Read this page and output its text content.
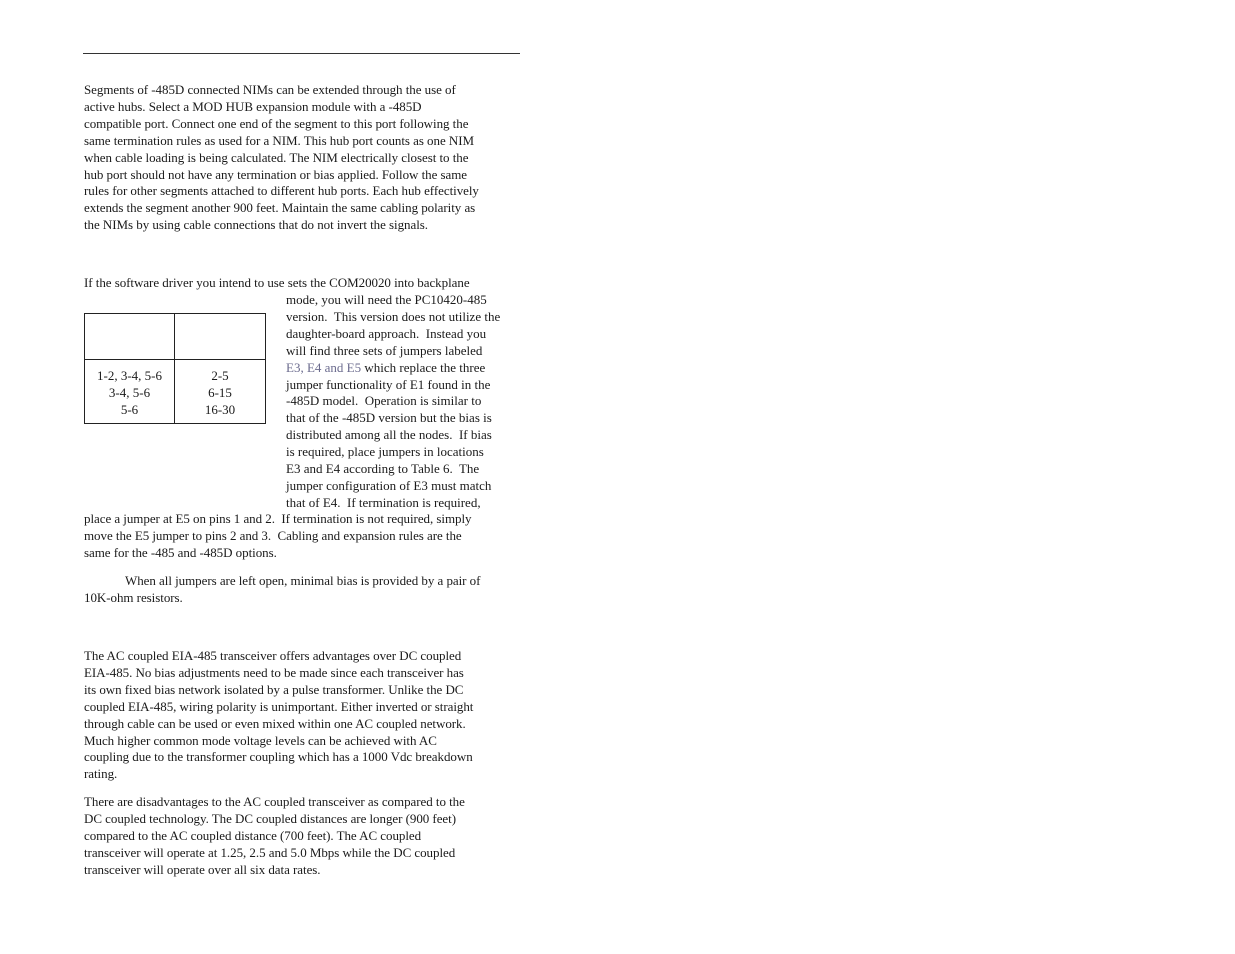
Segments of -485D connected NIMs can be extended through the use of
active hubs. Select a MOD HUB expansion module with a -485D
compatible port. Connect one end of the segment to this port following the
same termination rules as used for a NIM. This hub port counts as one NIM
when cable loading is being calculated. The NIM electrically closest to the
hub port should not have any termination or bias applied. Follow the same
rules for other segments attached to different hub ports. Each hub effectively
extends the segment another 900 feet. Maintain the same cabling polarity as
the NIMs by using cable connections that do not invert the signals.

If the software driver you intend to use sets the COM20020 into backplane

mode, you will need the PC10420-485
version.  This version does not utilize the
daughter-board approach.  Instead you
will find three sets of jumpers labeled
E3, E4 and E5 which replace the three
jumper functionality of E1 found in the
-485D model.  Operation is similar to
that of the -485D version but the bias is
distributed among all the nodes.  If bias
is required, place jumpers in locations
E3 and E4 according to Table 6.  The
jumper configuration of E3 must match
that of E4.  If termination is required,

1-2, 3-4, 5-6
3-4, 5-6
5-6
2-5
6-15
16-30

place a jumper at E5 on pins 1 and 2.  If termination is not required, simply
move the E5 jumper to pins 2 and 3.  Cabling and expansion rules are the
same for the -485 and -485D options.

When all jumpers are left open, minimal bias is provided by a pair of
10K-ohm resistors.

The AC coupled EIA-485 transceiver offers advantages over DC coupled
EIA-485. No bias adjustments need to be made since each transceiver has
its own fixed bias network isolated by a pulse transformer. Unlike the DC
coupled EIA-485, wiring polarity is unimportant. Either inverted or straight
through cable can be used or even mixed within one AC coupled network.
Much higher common mode voltage levels can be achieved with AC
coupling due to the transformer coupling which has a 1000 Vdc breakdown
rating.

There are disadvantages to the AC coupled transceiver as compared to the
DC coupled technology. The DC coupled distances are longer (900 feet)
compared to the AC coupled distance (700 feet). The AC coupled
transceiver will operate at 1.25, 2.5 and 5.0 Mbps while the DC coupled
transceiver will operate over all six data rates.
